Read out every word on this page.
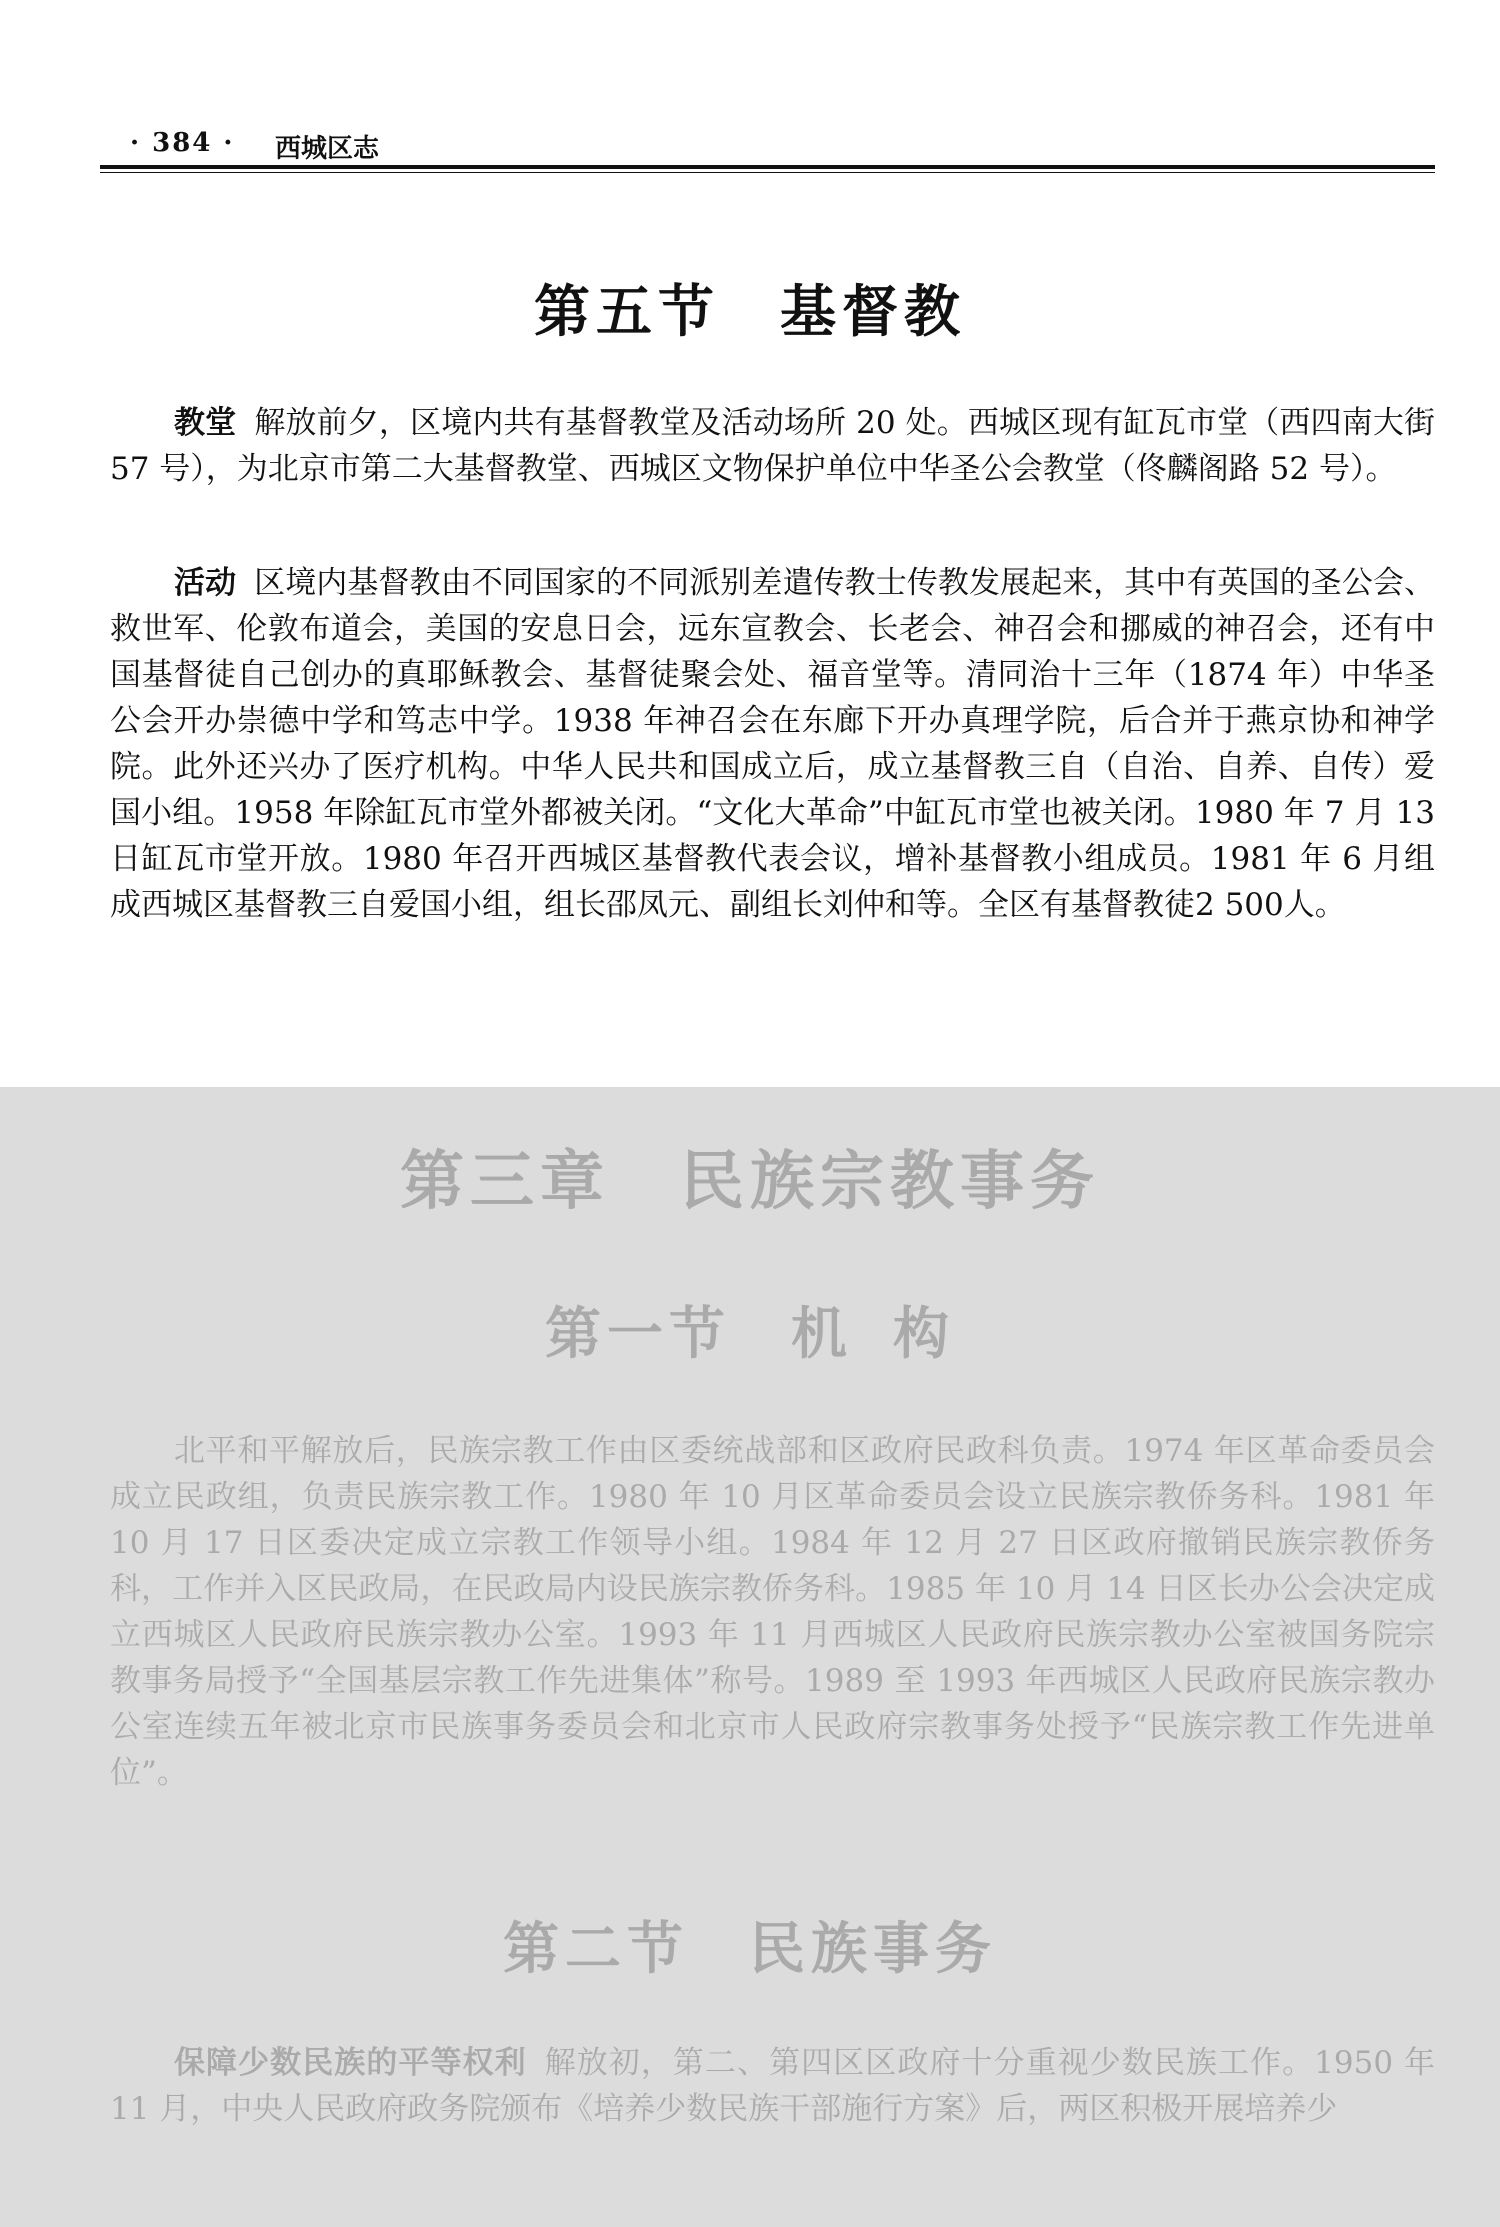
· 384 · 西城区志
第五节 基督教

教堂 解放前夕，区境内共有基督教堂及活动场所 20 处。西城区现有缸瓦市堂（西四南大街 57 号），为北京市第二大基督教堂、西城区文物保护单位中华圣公会教堂（佟麟阁路 52 号）。

活动 区境内基督教由不同国家的不同派别差遣传教士传教发展起来，其中有英国的圣公会、救世军、伦敦布道会，美国的安息日会，远东宣教会、长老会、神召会和挪威的神召会，还有中国基督徒自己创办的真耶稣教会、基督徒聚会处、福音堂等。清同治十三年（1874 年）中华圣公会开办崇德中学和笃志中学。1938 年神召会在东廊下开办真理学院，后合并于燕京协和神学院。此外还兴办了医疗机构。中华人民共和国成立后，成立基督教三自（自治、自养、自传）爱国小组。1958 年除缸瓦市堂外都被关闭。“文化大革命”中缸瓦市堂也被关闭。1980 年 7 月 13 日缸瓦市堂开放。1980 年召开西城区基督教代表会议，增补基督教小组成员。1981 年 6 月组成西城区基督教三自爱国小组，组长邵凤元、副组长刘仲和等。全区有基督教徒2 500人。

第三章 民族宗教事务
第一节 机 构

北平和平解放后，民族宗教工作由区委统战部和区政府民政科负责。1974 年区革命委员会成立民政组，负责民族宗教工作。1980 年 10 月区革命委员会设立民族宗教侨务科。1981 年 10 月 17 日区委决定成立宗教工作领导小组。1984 年 12 月 27 日区政府撤销民族宗教侨务科，工作并入区民政局，在民政局内设民族宗教侨务科。1985 年 10 月 14 日区长办公会决定成立西城区人民政府民族宗教办公室。1993 年 11 月西城区人民政府民族宗教办公室被国务院宗教事务局授予“全国基层宗教工作先进集体”称号。1989 至 1993 年西城区人民政府民族宗教办公室连续五年被北京市民族事务委员会和北京市人民政府宗教事务处授予“民族宗教工作先进单位”。

第二节 民族事务

保障少数民族的平等权利 解放初，第二、第四区区政府十分重视少数民族工作。1950 年 11 月，中央人民政府政务院颁布《培养少数民族干部施行方案》后，两区积极开展培养少
